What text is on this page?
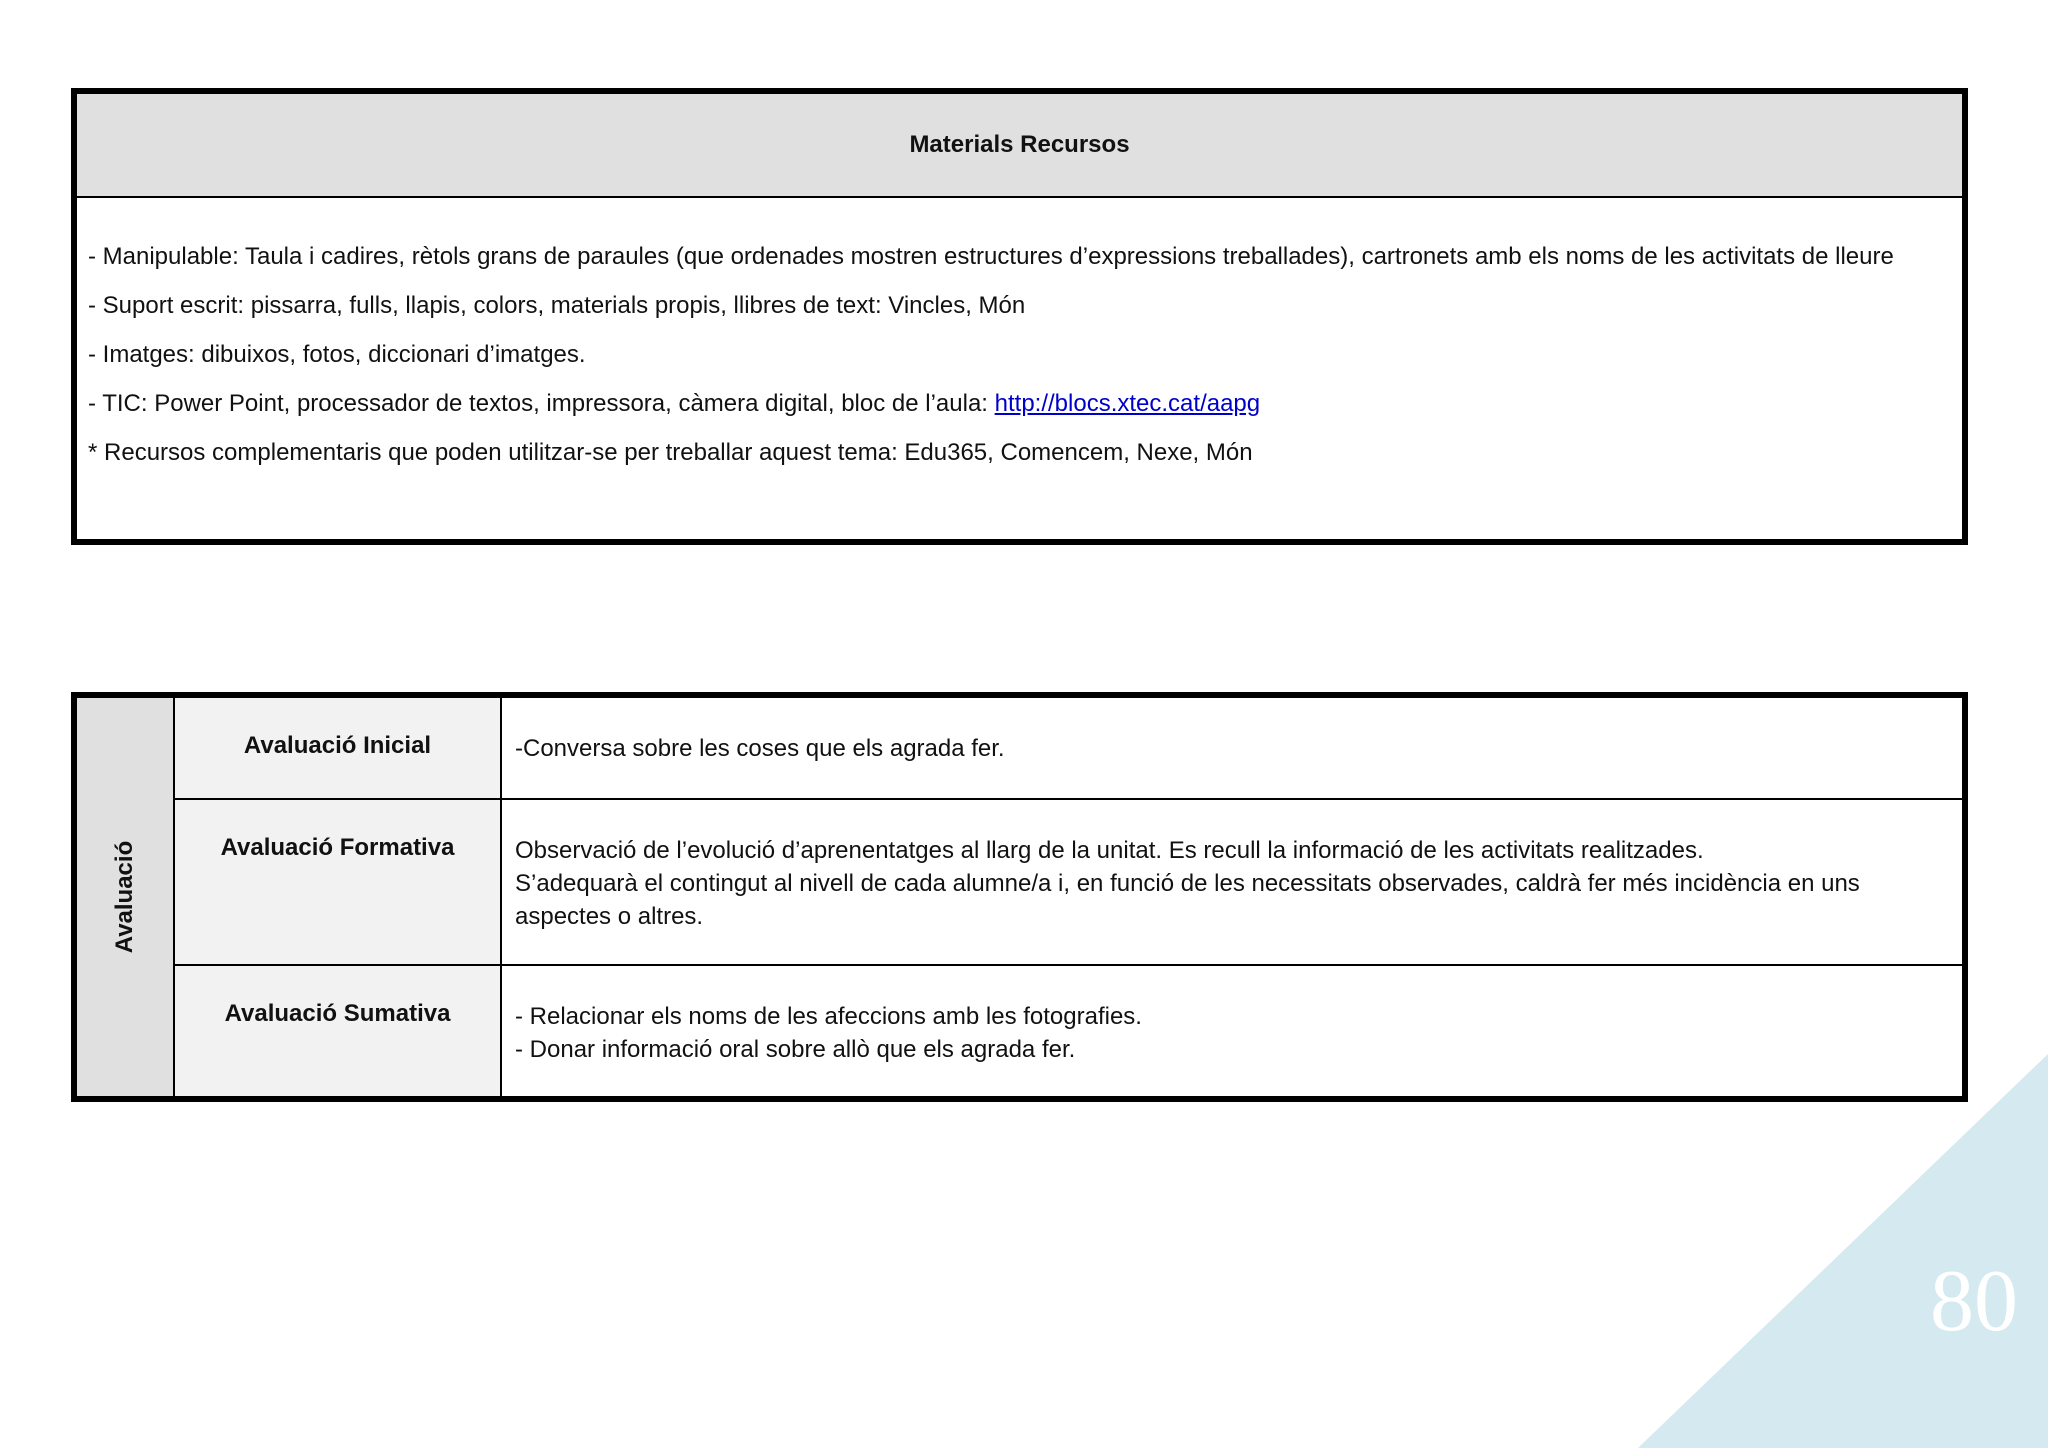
Materials Recursos
- Manipulable: Taula i cadires, rètols grans de paraules (que ordenades mostren estructures d’expressions treballades), cartronets amb els noms de les activitats de lleure
- Suport escrit: pissarra, fulls, llapis, colors, materials propis, llibres de text: Vincles, Món
- Imatges: dibuixos, fotos, diccionari d’imatges.
- TIC: Power Point, processador de textos, impressora, càmera digital, bloc de l’aula: http://blocs.xtec.cat/aapg
* Recursos complementaris que poden utilitzar-se per treballar aquest tema: Edu365, Comencem, Nexe, Món
Avaluació
Avaluació Inicial	-Conversa sobre les coses que els agrada fer.

Avaluació Formativa	Observació de l’evolució d’aprenentatges al llarg de la unitat. Es recull la informació de les activitats realitzades.

S’adequarà el contingut al nivell de cada alumne/a i, en funció de les necessitats observades, caldrà fer més incidència en uns aspectes o altres.

Avaluació Sumativa	- Relacionar els noms de les afeccions amb les fotografies.

- Donar informació oral sobre allò que els agrada fer.

80
